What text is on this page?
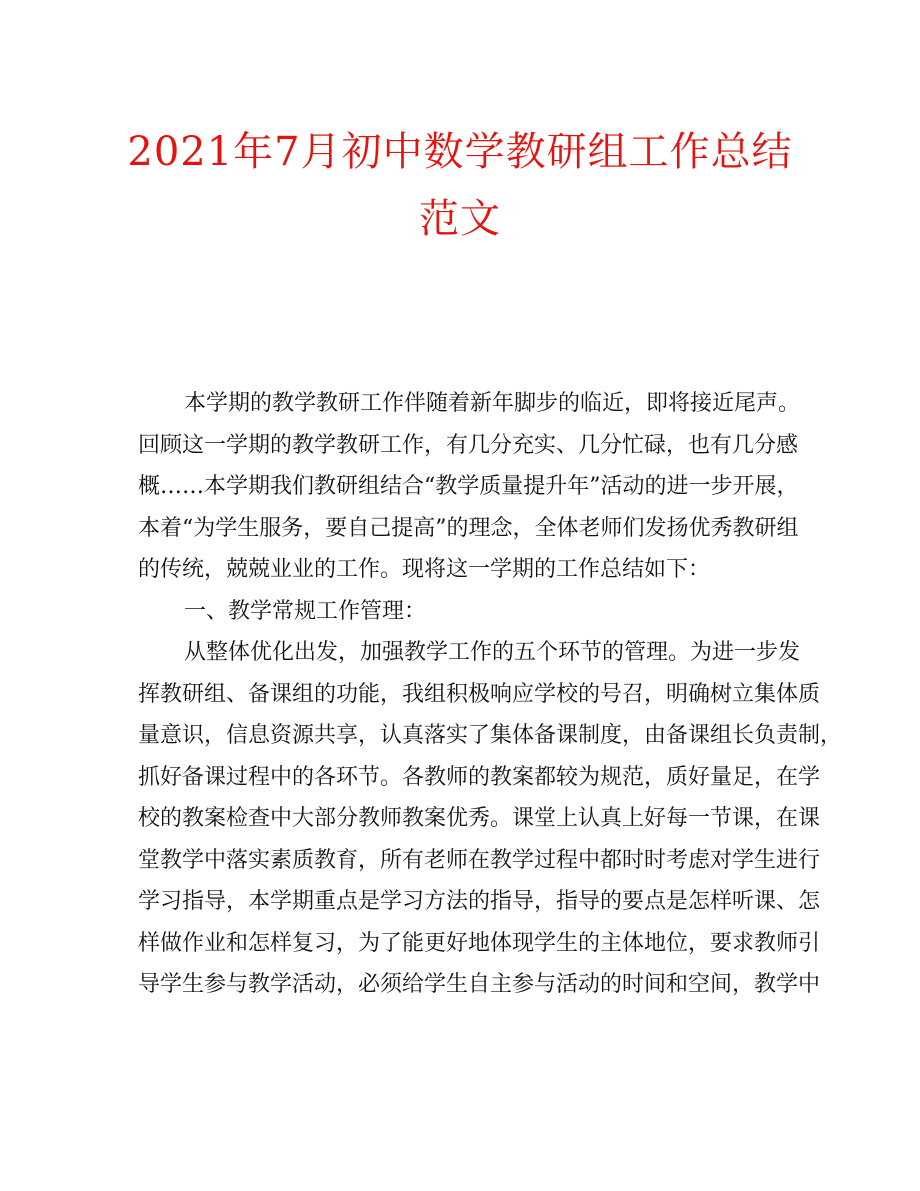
2021年7月初中数学教研组工作总结
范文
本学期的教学教研工作伴随着新年脚步的临近，即将接近尾声。
回顾这一学期的教学教研工作，有几分充实、几分忙碌，也有几分感
概……本学期我们教研组结合“教学质量提升年”活动的进一步开展，
本着“为学生服务，要自己提高”的理念，全体老师们发扬优秀教研组
的传统，兢兢业业的工作。现将这一学期的工作总结如下：
一、教学常规工作管理：
从整体优化出发，加强教学工作的五个环节的管理。为进一步发
挥教研组、备课组的功能，我组积极响应学校的号召，明确树立集体质
量意识，信息资源共享，认真落实了集体备课制度，由备课组长负责制，
抓好备课过程中的各环节。各教师的教案都较为规范，质好量足，在学
校的教案检查中大部分教师教案优秀。课堂上认真上好每一节课，在课
堂教学中落实素质教育，所有老师在教学过程中都时时考虑对学生进行
学习指导，本学期重点是学习方法的指导，指导的要点是怎样听课、怎
样做作业和怎样复习，为了能更好地体现学生的主体地位，要求教师引
导学生参与教学活动，必须给学生自主参与活动的时间和空间，教学中
